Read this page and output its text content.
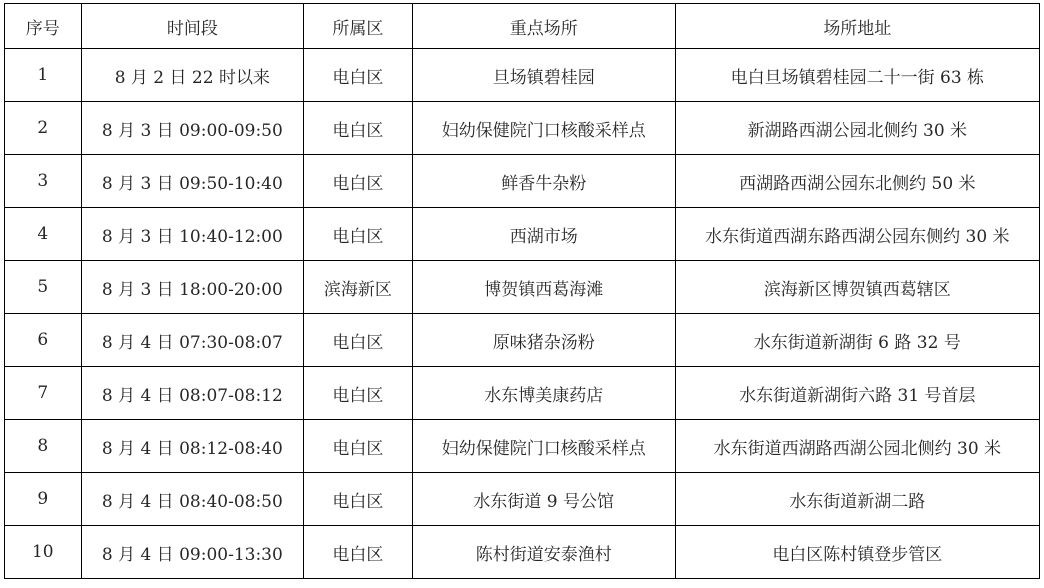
序号	时间段	所属区	重点场所	场所地址
1	8 月 2 日 22 时以来	电白区	旦场镇碧桂园	电白旦场镇碧桂园二十一街 63 栋
2	8 月 3 日 09:00-09:50	电白区	妇幼保健院门口核酸采样点	新湖路西湖公园北侧约 30 米
3	8 月 3 日 09:50-10:40	电白区	鲜香牛杂粉	西湖路西湖公园东北侧约 50 米
4	8 月 3 日 10:40-12:00	电白区	西湖市场	水东街道西湖东路西湖公园东侧约 30 米
5	8 月 3 日 18:00-20:00	滨海新区	博贺镇西葛海滩	滨海新区博贺镇西葛辖区
6	8 月 4 日 07:30-08:07	电白区	原味猪杂汤粉	水东街道新湖街 6 路 32 号
7	8 月 4 日 08:07-08:12	电白区	水东博美康药店	水东街道新湖街六路 31 号首层
8	8 月 4 日 08:12-08:40	电白区	妇幼保健院门口核酸采样点	水东街道西湖路西湖公园北侧约 30 米
9	8 月 4 日 08:40-08:50	电白区	水东街道 9 号公馆	水东街道新湖二路
10	8 月 4 日 09:00-13:30	电白区	陈村街道安泰渔村	电白区陈村镇登步管区
